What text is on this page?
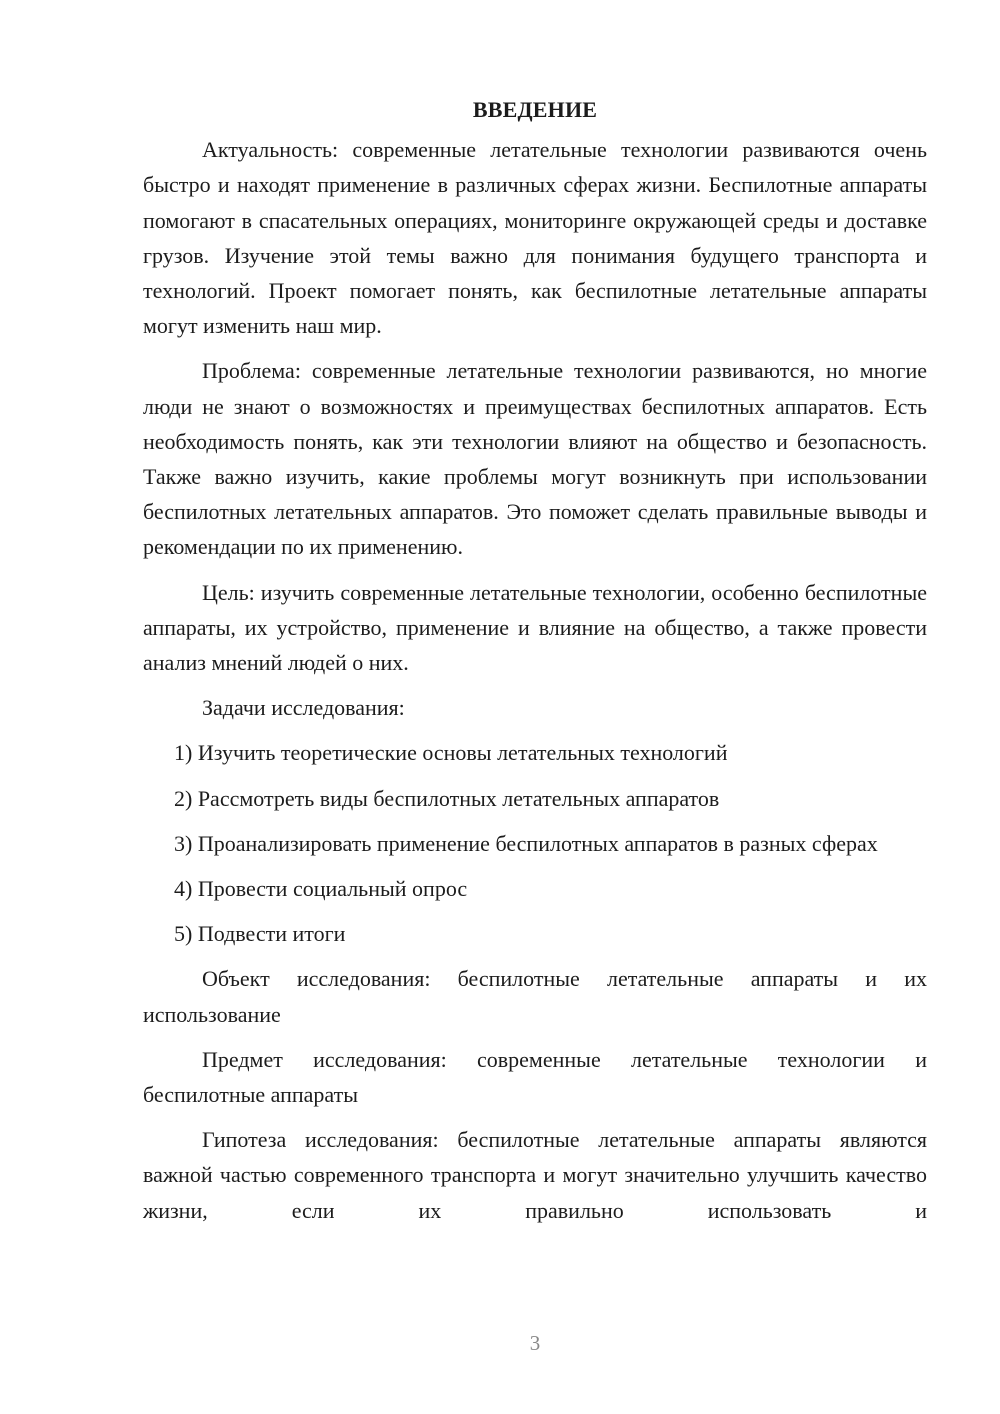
ВВЕДЕНИЕ

Актуальность: современные летательные технологии развиваются очень быстро и находят применение в различных сферах жизни. Беспилотные аппараты помогают в спасательных операциях, мониторинге окружающей среды и доставке грузов. Изучение этой темы важно для понимания будущего транспорта и технологий. Проект помогает понять, как беспилотные летательные аппараты могут изменить наш мир.

Проблема: современные летательные технологии развиваются, но многие люди не знают о возможностях и преимуществах беспилотных аппаратов. Есть необходимость понять, как эти технологии влияют на общество и безопасность. Также важно изучить, какие проблемы могут возникнуть при использовании беспилотных летательных аппаратов. Это поможет сделать правильные выводы и рекомендации по их применению.

Цель: изучить современные летательные технологии, особенно беспилотные аппараты, их устройство, применение и влияние на общество, а также провести анализ мнений людей о них.

Задачи исследования:

1) Изучить теоретические основы летательных технологий

2) Рассмотреть виды беспилотных летательных аппаратов

3) Проанализировать применение беспилотных аппаратов в разных сферах

4) Провести социальный опрос

5) Подвести итоги

Объект исследования: беспилотные летательные аппараты и их использование

Предмет исследования: современные летательные технологии и беспилотные аппараты

Гипотеза исследования: беспилотные летательные аппараты являются важной частью современного транспорта и могут значительно улучшить качество жизни, если их правильно использовать и

3
